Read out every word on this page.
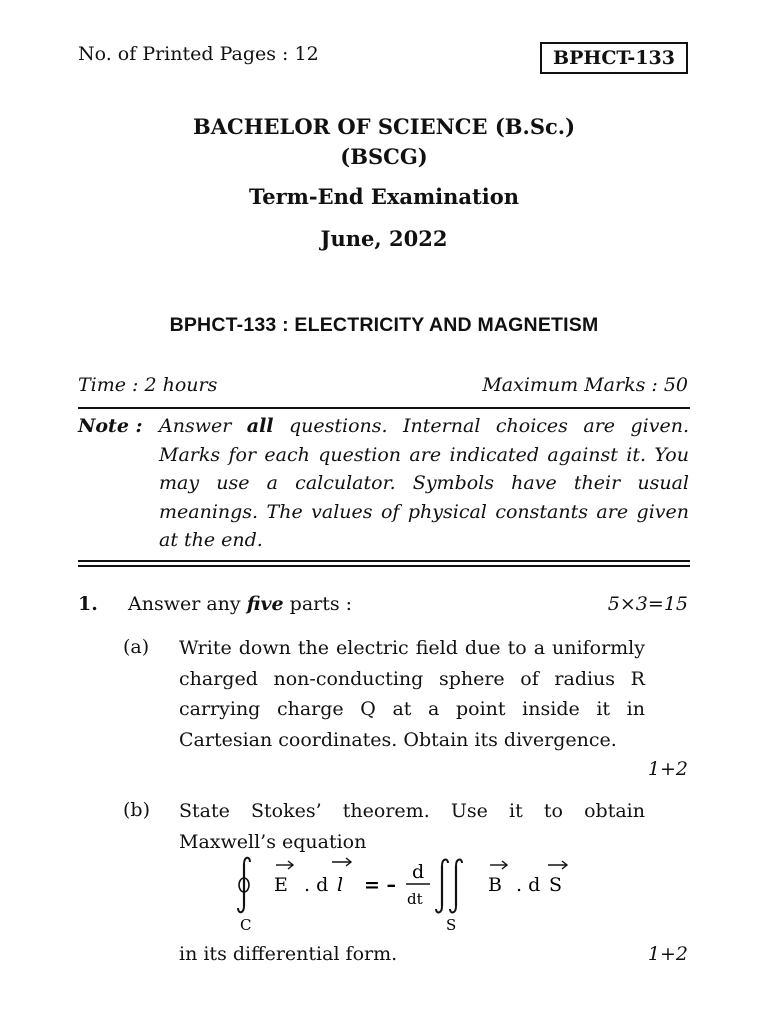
No. of Printed Pages : 12	BPHCT-133
BACHELOR OF SCIENCE (B.Sc.)
(BSCG)
Term-End Examination
June, 2022
BPHCT-133 : ELECTRICITY AND MAGNETISM
Time : 2 hours	Maximum Marks : 50
Note : Answer all questions. Internal choices are given. Marks for each question are indicated against it. You may use a calculator. Symbols have their usual meanings. The values of physical constants are given at the end.
1. Answer any five parts :	5×3=15
(a) Write down the electric field due to a uniformly charged non-conducting sphere of radius R carrying charge Q at a point inside it in Cartesian coordinates. Obtain its divergence.
1+2
(b) State Stokes’ theorem. Use it to obtain Maxwell’s equation
C
E . d l = –
d
dt
S
B . d S
in its differential form.	1+2
